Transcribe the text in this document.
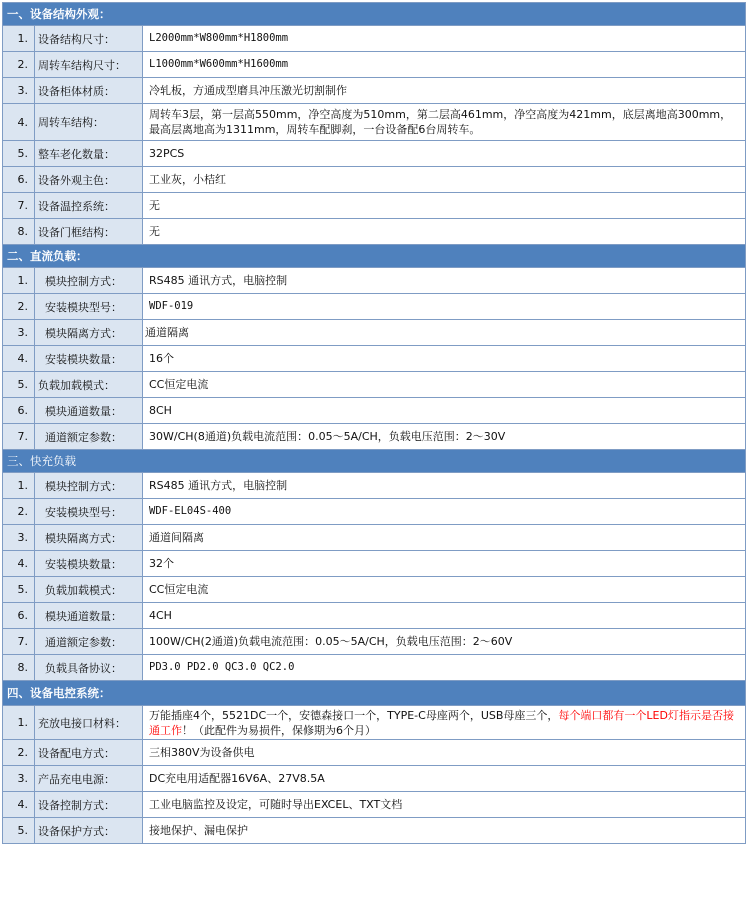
一、设备结构外观：		
1.	设备结构尺寸：	L2000mm*W800mm*H1800mm
2.	周转车结构尺寸：	L1000mm*W600mm*H1600mm
3.	设备柜体材质：	冷轧板，方通成型磨具冲压激光切割制作
4.	周转车结构：	周转车3层，第一层高550mm，净空高度为510mm，第二层高461mm，净空高度为421mm，底层离地高300mm，最高层离地高为1311mm，周转车配脚刹，一台设备配6台周转车。
5.	整车老化数量：	32PCS
6.	设备外观主色：	工业灰，小桔红
7.	设备温控系统：	无
8.	设备门框结构：	无
二、直流负载：		
1.	模块控制方式：	RS485 通讯方式，电脑控制
2.	安装模块型号：	WDF-019
3.	模块隔离方式：	通道隔离
4.	安装模块数量：	16个
5.	负载加载模式：	CC恒定电流
6.	模块通道数量：	8CH
7.	通道额定参数：	30W/CH(8通道)负载电流范围：0.05～5A/CH，负载电压范围：2～30V
三、快充负载		
1.	模块控制方式：	RS485 通讯方式，电脑控制
2.	安装模块型号：	WDF-EL04S-400
3.	模块隔离方式：	通道间隔离
4.	安装模块数量：	32个
5.	负载加载模式：	CC恒定电流
6.	模块通道数量：	4CH
7.	通道额定参数：	100W/CH(2通道)负载电流范围：0.05～5A/CH，负载电压范围：2～60V
8.	负载具备协议：	PD3.0 PD2.0 QC3.0 QC2.0
四、设备电控系统：		
1.	充放电接口材料：	万能插座4个，5521DC一个，安德森接口一个，TYPE-C母座两个，USB母座三个，每个端口都有一个LED灯指示是否接通工作！（此配件为易损件，保修期为6个月）
2.	设备配电方式：	三相380V为设备供电
3.	产品充电电源：	DC充电用适配器16V6A、27V8.5A
4.	设备控制方式：	工业电脑监控及设定，可随时导出EXCEL、TXT文档
5.	设备保护方式：	接地保护、漏电保护
